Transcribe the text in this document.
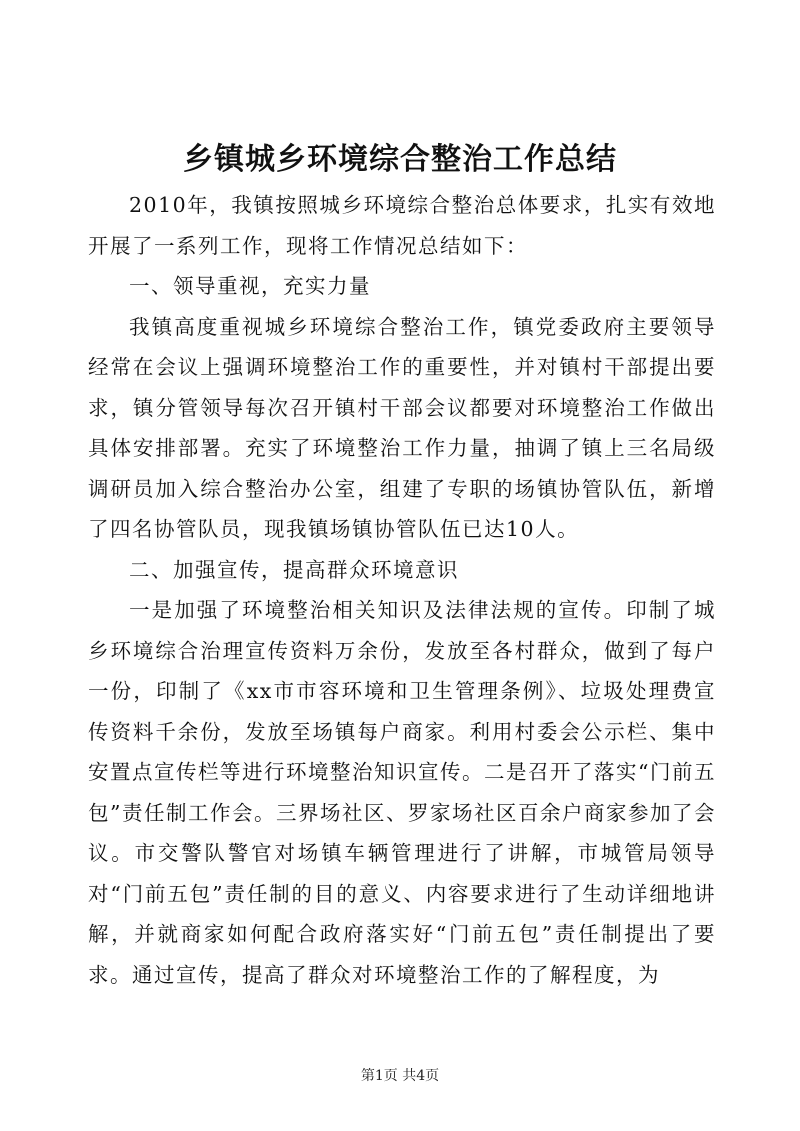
乡镇城乡环境综合整治工作总结

2010年，我镇按照城乡环境综合整治总体要求，扎实有效地开展了一系列工作，现将工作情况总结如下：

一、领导重视，充实力量

我镇高度重视城乡环境综合整治工作，镇党委政府主要领导经常在会议上强调环境整治工作的重要性，并对镇村干部提出要求，镇分管领导每次召开镇村干部会议都要对环境整治工作做出具体安排部署。充实了环境整治工作力量，抽调了镇上三名局级调研员加入综合整治办公室，组建了专职的场镇协管队伍，新增了四名协管队员，现我镇场镇协管队伍已达10人。

二、加强宣传，提高群众环境意识

一是加强了环境整治相关知识及法律法规的宣传。印制了城乡环境综合治理宣传资料万余份，发放至各村群众，做到了每户一份，印制了《xx市市容环境和卫生管理条例》、垃圾处理费宣传资料千余份，发放至场镇每户商家。利用村委会公示栏、集中安置点宣传栏等进行环境整治知识宣传。二是召开了落实“门前五包”责任制工作会。三界场社区、罗家场社区百余户商家参加了会议。市交警队警官对场镇车辆管理进行了讲解，市城管局领导对“门前五包”责任制的目的意义、内容要求进行了生动详细地讲解，并就商家如何配合政府落实好“门前五包”责任制提出了要求。通过宣传，提高了群众对环境整治工作的了解程度，为

第1页 共4页
